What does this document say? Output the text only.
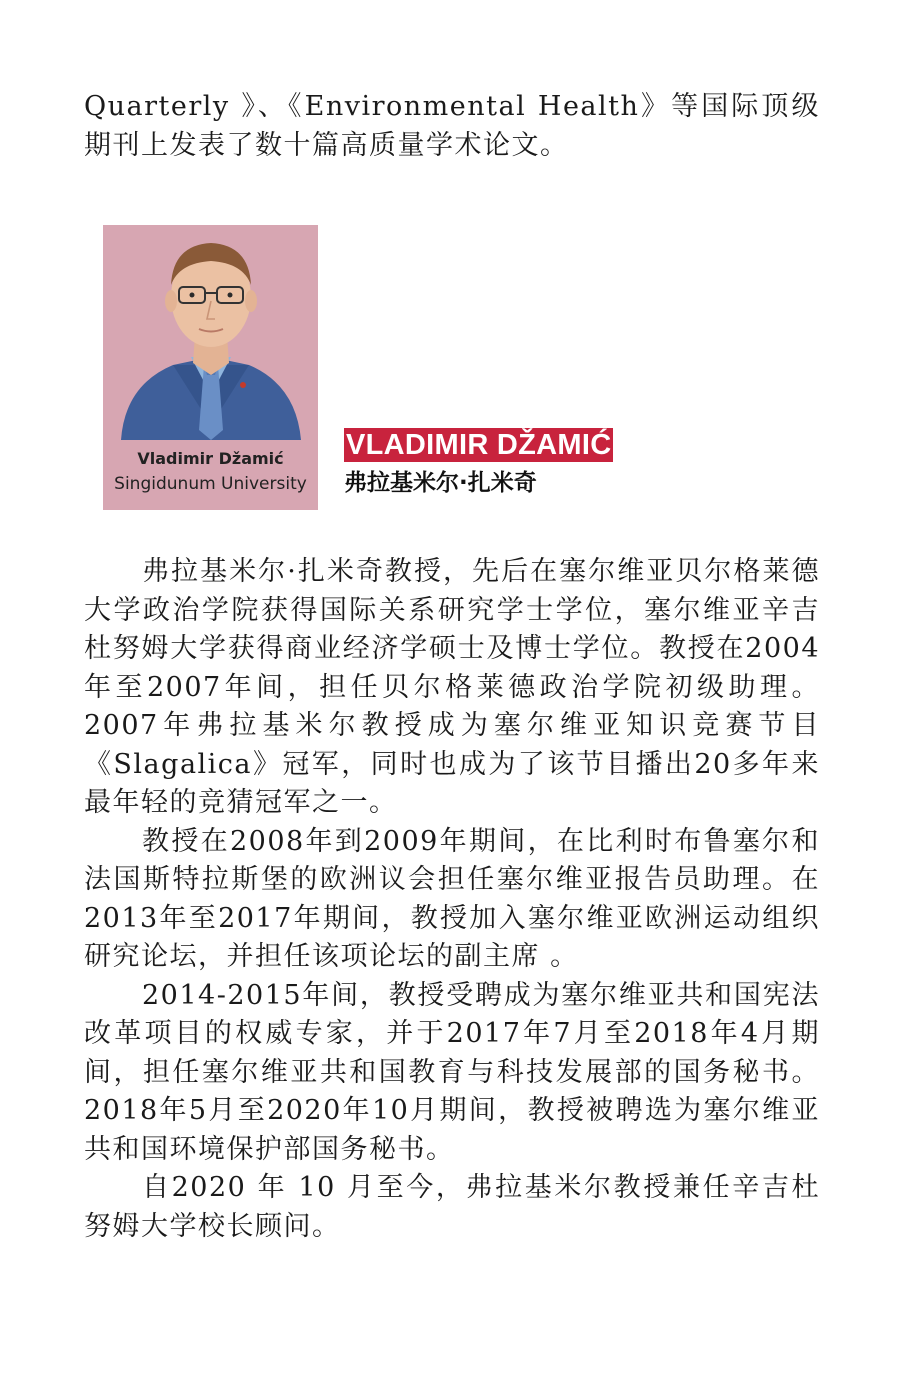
Quarterly 》、《Environmental Health》等国际顶级期刊上发表了数十篇高质量学术论文。

Vladimir Džamić
Singidunum University
VLADIMIR DŽAMIĆ

弗拉基米尔·扎米奇

弗拉基米尔·扎米奇教授，先后在塞尔维亚贝尔格莱德大学政治学院获得国际关系研究学士学位，塞尔维亚辛吉杜努姆大学获得商业经济学硕士及博士学位。教授在2004年至2007年间，担任贝尔格莱德政治学院初级助理。2007年弗拉基米尔教授成为塞尔维亚知识竞赛节目《Slagalica》冠军，同时也成为了该节目播出20多年来最年轻的竞猜冠军之一。

教授在2008年到2009年期间，在比利时布鲁塞尔和法国斯特拉斯堡的欧洲议会担任塞尔维亚报告员助理。在2013年至2017年期间，教授加入塞尔维亚欧洲运动组织研究论坛，并担任该项论坛的副主席 。

2014-2015年间，教授受聘成为塞尔维亚共和国宪法改革项目的权威专家，并于2017年7月至2018年4月期间，担任塞尔维亚共和国教育与科技发展部的国务秘书。2018年5月至2020年10月期间，教授被聘选为塞尔维亚共和国环境保护部国务秘书。

自2020 年 10 月至今，弗拉基米尔教授兼任辛吉杜努姆大学校长顾问。
